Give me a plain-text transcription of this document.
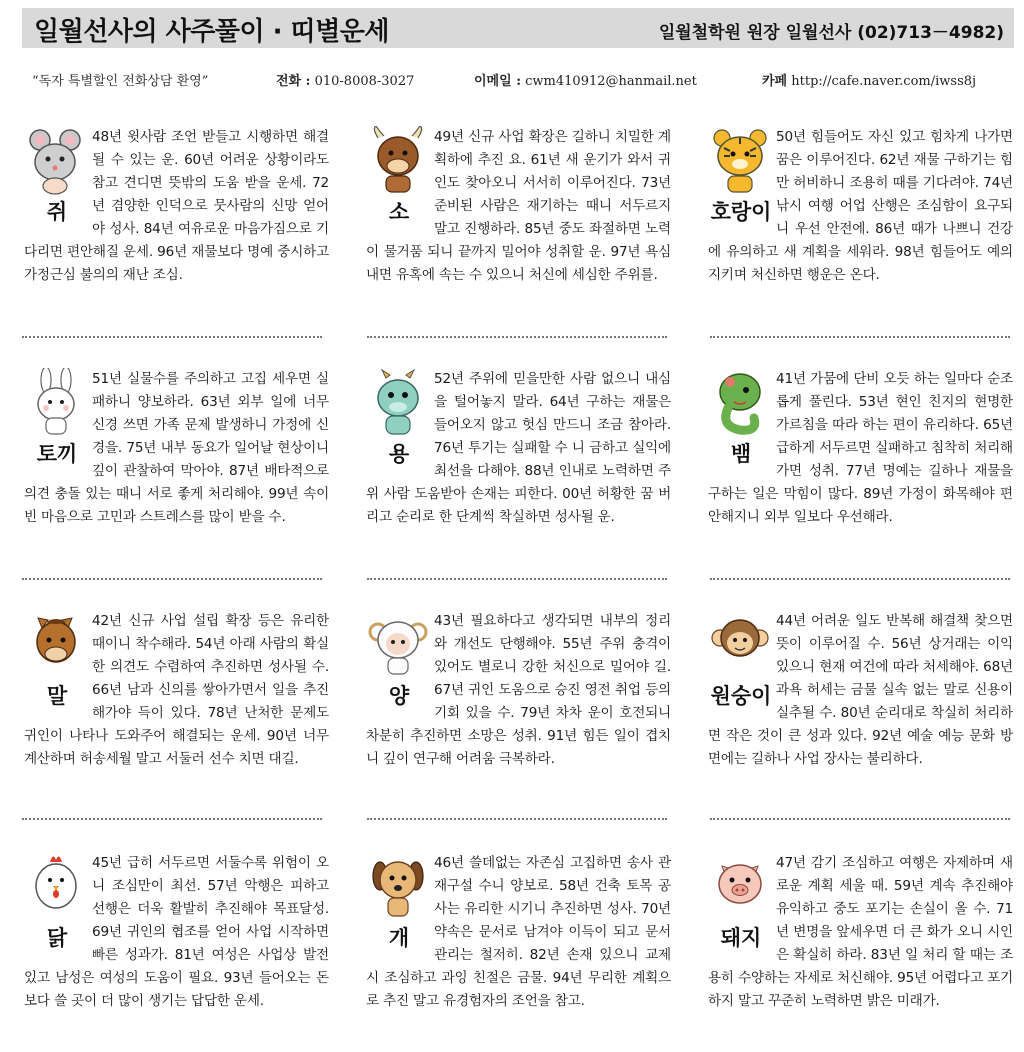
일월선사의 사주풀이 · 띠별운세	일월철학원 원장 일월선사 (02)713－4982)
“독자 특별할인 전화상담 환영”	전화 : 010-8008-3027	이메일 : cwm410912@hanmail.net	카페 http://cafe.naver.com/iwss8j
쥐

48년 윗사람 조언 받들고 시행하면 해결될 수 있는 운. 60년 어려운 상황이라도 참고 견디면 뜻밖의 도움 받을 운세. 72년 겸양한 인덕으로 뭇사람의 신망 얻어야 성사. 84년 여유로운 마음가짐으로 기다리면 편안해질 운세. 96년 재물보다 명예 중시하고 가정근심 불의의 재난 조심.

소

49년 신규 사업 확장은 길하니 치밀한 계획하에 추진 요. 61년 새 운기가 와서 귀인도 찾아오니 서서히 이루어진다. 73년 준비된 사람은 재기하는 때니 서두르지 말고 진행하라. 85년 중도 좌절하면 노력이 물거품 되니 끝까지 밀어야 성취할 운. 97년 욕심내면 유혹에 속는 수 있으니 처신에 세심한 주위를.

호랑이

50년 힘들어도 자신 있고 힘차게 나가면 꿈은 이루어진다. 62년 재물 구하기는 힘만 허비하니 조용히 때를 기다려야. 74년 낚시 여행 어업 산행은 조심함이 요구되니 우선 안전에. 86년 때가 나쁘니 건강에 유의하고 새 계획을 세워라. 98년 힘들어도 예의 지키며 처신하면 행운은 온다.

토끼

51년 실물수를 주의하고 고집 세우면 실패하니 양보하라. 63년 외부 일에 너무 신경 쓰면 가족 문제 발생하니 가정에 신경을. 75년 내부 동요가 일어날 현상이니 깊이 관찰하여 막아야. 87년 배타적으로 의견 충돌 있는 때니 서로 좋게 처리해야. 99년 속이 빈 마음으로 고민과 스트레스를 많이 받을 수.

용

52년 주위에 믿을만한 사람 없으니 내심을 털어놓지 말라. 64년 구하는 재물은 들어오지 않고 헛심 만드니 조금 참아라. 76년 투기는 실패할 수 니 금하고 실익에 최선을 다해야. 88년 인내로 노력하면 주위 사람 도움받아 손재는 피한다. 00년 허황한 꿈 버리고 순리로 한 단계씩 착실하면 성사될 운.

뱀

41년 가뭄에 단비 오듯 하는 일마다 순조롭게 풀린다. 53년 현인 친지의 현명한 가르침을 따라 하는 편이 유리하다. 65년 급하게 서두르면 실패하고 침착히 처리해가면 성취. 77년 명예는 길하나 재물을 구하는 일은 막힘이 많다. 89년 가정이 화목해야 편안해지니 외부 일보다 우선해라.

말

42년 신규 사업 설립 확장 등은 유리한 때이니 착수해라. 54년 아래 사람의 확실한 의견도 수렴하여 추진하면 성사될 수. 66년 남과 신의를 쌓아가면서 일을 추진해가야 득이 있다. 78년 난처한 문제도 귀인이 나타나 도와주어 해결되는 운세. 90년 너무 계산하며 허송세월 말고 서둘러 선수 치면 대길.

양

43년 필요하다고 생각되면 내부의 정리와 개선도 단행해야. 55년 주위 충격이 있어도 별로니 강한 처신으로 밀어야 길. 67년 귀인 도움으로 승진 영전 취업 등의 기회 있을 수. 79년 차차 운이 호전되니 차분히 추진하면 소망은 성취. 91년 힘든 일이 겹치니 깊이 연구해 어려움 극복하라.

원숭이

44년 어려운 일도 반복해 해결책 찾으면 뜻이 이루어질 수. 56년 상거래는 이익 있으니 현재 여건에 따라 처세해야. 68년 과욕 허세는 금물 실속 없는 말로 신용이 실추될 수. 80년 순리대로 착실히 처리하면 작은 것이 큰 성과 있다. 92년 예술 예능 문화 방면에는 길하나 사업 장사는 불리하다.

닭

45년 급히 서두르면 서둘수록 위험이 오니 조심만이 최선. 57년 악행은 피하고 선행은 더욱 활발히 추진해야 목표달성. 69년 귀인의 협조를 얻어 사업 시작하면 빠른 성과가. 81년 여성은 사업상 발전 있고 남성은 여성의 도움이 필요. 93년 들어오는 돈보다 쓸 곳이 더 많이 생기는 답답한 운세.

개

46년 쓸데없는 자존심 고집하면 송사 관재구설 수니 양보로. 58년 건축 토목 공사는 유리한 시기니 추진하면 성사. 70년 약속은 문서로 남겨야 이득이 되고 문서관리는 철저히. 82년 손재 있으니 교제 시 조심하고 과잉 친절은 금물. 94년 무리한 계획으로 추진 말고 유경험자의 조언을 참고.

돼지

47년 감기 조심하고 여행은 자제하며 새로운 계획 세울 때. 59년 계속 추진해야 유익하고 중도 포기는 손실이 올 수. 71년 변명을 앞세우면 더 큰 화가 오니 시인은 확실히 하라. 83년 일 처리 할 때는 조용히 수양하는 자세로 처신해야. 95년 어렵다고 포기하지 말고 꾸준히 노력하면 밝은 미래가.
